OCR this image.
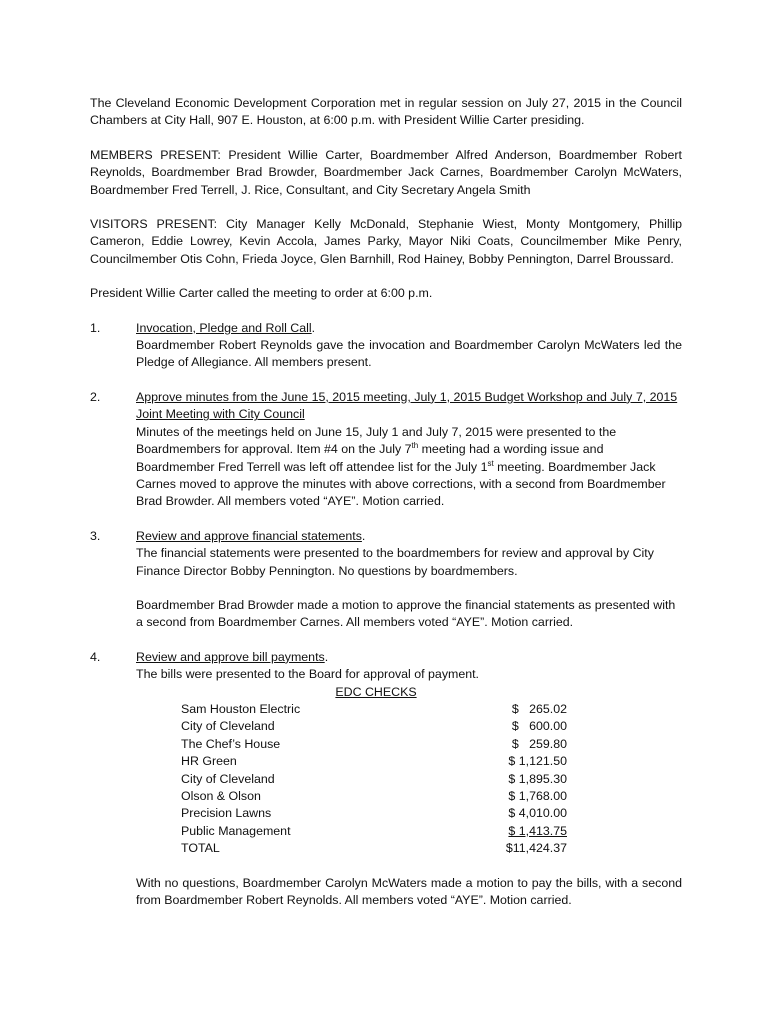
The Cleveland Economic Development Corporation met in regular session on July 27, 2015 in the Council Chambers at City Hall, 907 E. Houston, at 6:00 p.m. with President Willie Carter presiding.

MEMBERS PRESENT: President Willie Carter, Boardmember Alfred Anderson, Boardmember Robert Reynolds, Boardmember Brad Browder, Boardmember Jack Carnes, Boardmember Carolyn McWaters, Boardmember Fred Terrell, J. Rice, Consultant, and City Secretary Angela Smith

VISITORS PRESENT: City Manager Kelly McDonald, Stephanie Wiest, Monty Montgomery, Phillip Cameron, Eddie Lowrey, Kevin Accola, James Parky, Mayor Niki Coats, Councilmember Mike Penry, Councilmember Otis Cohn, Frieda Joyce, Glen Barnhill, Rod Hainey, Bobby Pennington, Darrel Broussard.

President Willie Carter called the meeting to order at 6:00 p.m.

1.	Invocation, Pledge and Roll Call.

Boardmember Robert Reynolds gave the invocation and Boardmember Carolyn McWaters led the Pledge of Allegiance. All members present.

2.	Approve minutes from the June 15, 2015 meeting, July 1, 2015 Budget Workshop and July 7, 2015 Joint Meeting with City Council

Minutes of the meetings held on June 15, July 1 and July 7, 2015 were presented to the Boardmembers for approval. Item #4 on the July 7th meeting had a wording issue and Boardmember Fred Terrell was left off attendee list for the July 1st meeting. Boardmember Jack Carnes moved to approve the minutes with above corrections, with a second from Boardmember Brad Browder. All members voted “AYE”. Motion carried.

3.	Review and approve financial statements.

The financial statements were presented to the boardmembers for review and approval by City Finance Director Bobby Pennington. No questions by boardmembers.

Boardmember Brad Browder made a motion to approve the financial statements as presented with a second from Boardmember Carnes. All members voted “AYE”. Motion carried.

4.	Review and approve bill payments.

The bills were presented to the Board for approval of payment.

EDC CHECKS
Sam Houston Electric	$   265.02
City of Cleveland	$   600.00
The Chef’s House	$   259.80
HR Green	$ 1,121.50
City of Cleveland	$ 1,895.30
Olson & Olson	$ 1,768.00
Precision Lawns	$ 4,010.00
Public Management	$ 1,413.75
TOTAL	$11,424.37

With no questions, Boardmember Carolyn McWaters made a motion to pay the bills, with a second from Boardmember Robert Reynolds. All members voted “AYE”. Motion carried.
